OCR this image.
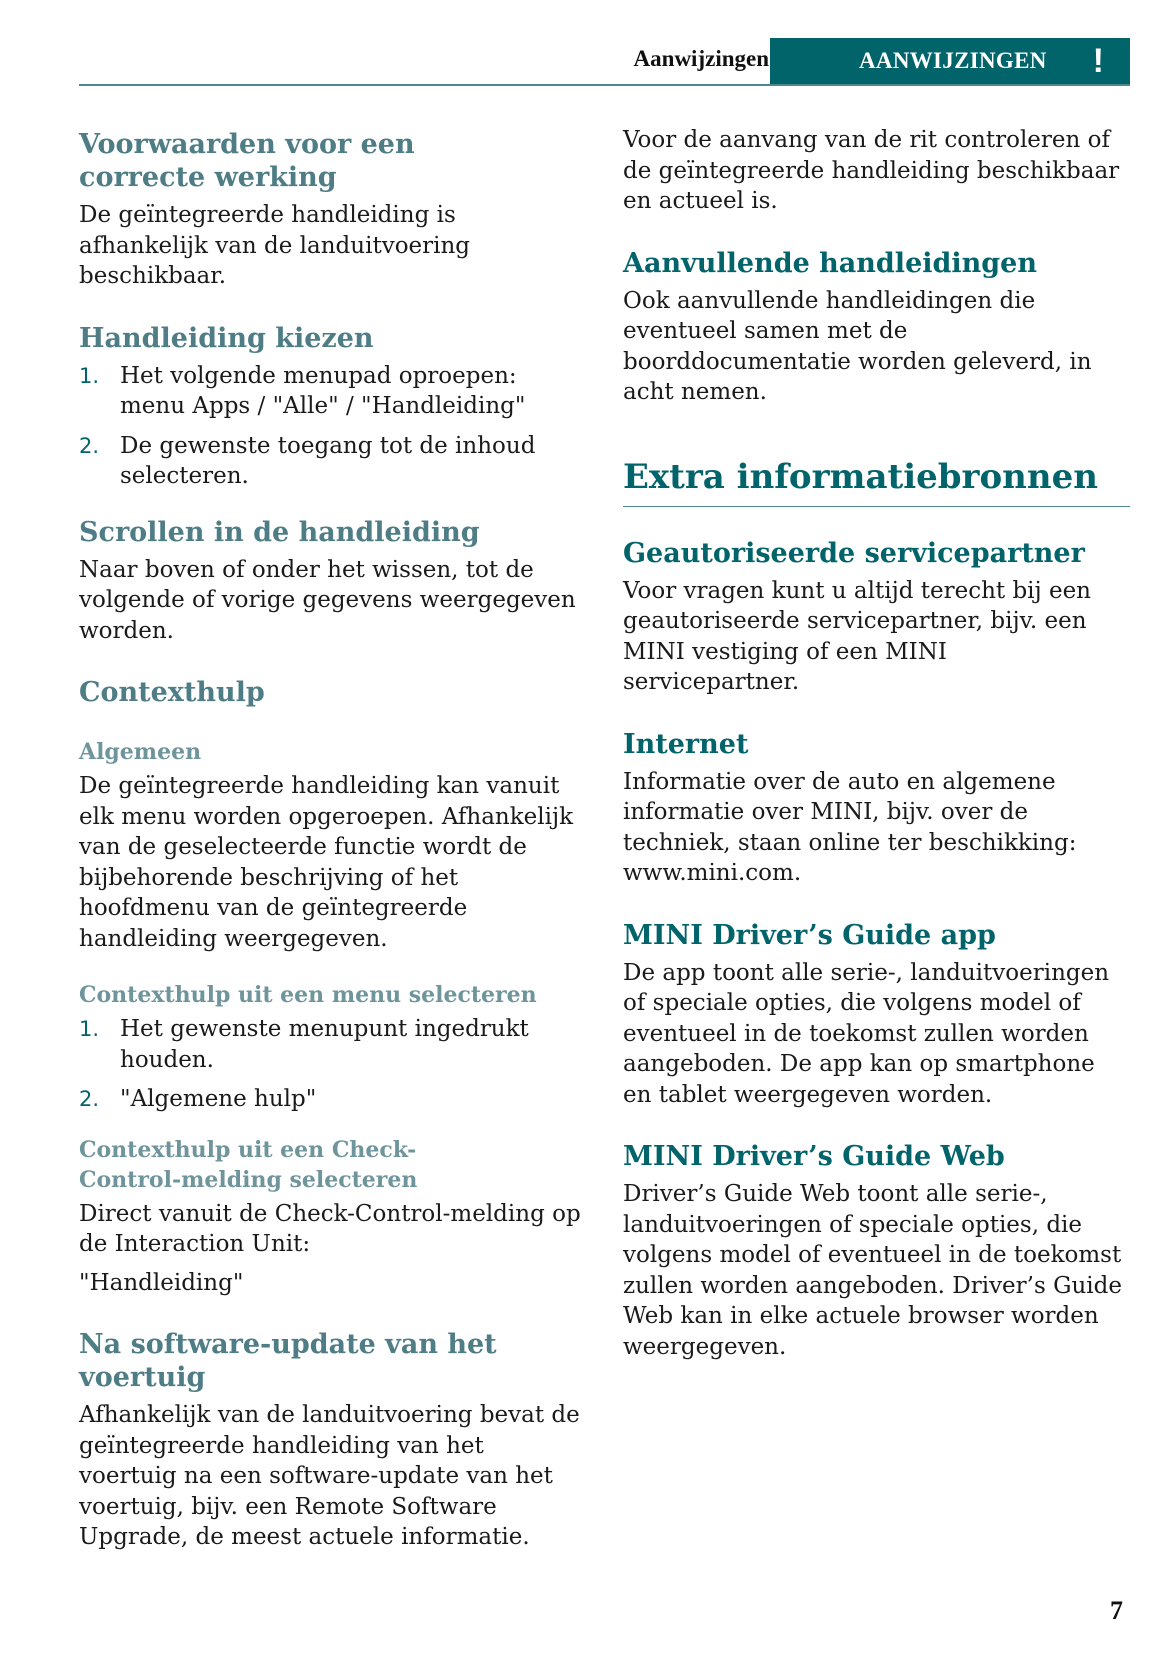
Aanwijzingen	AANWIJZINGEN !
Voorwaarden voor een correcte werking

De geïntegreerde handleiding is afhankelijk van de landuitvoering beschikbaar.

Handleiding kiezen
1. Het volgende menupad oproepen: menu Apps / "Alle" / "Handleiding"
2. De gewenste toegang tot de inhoud selecteren.
Scrollen in de handleiding

Naar boven of onder het wissen, tot de volgende of vorige gegevens weergegeven worden.

Contexthulp
Algemeen

De geïntegreerde handleiding kan vanuit elk menu worden opgeroepen. Afhankelijk van de geselecteerde functie wordt de bijbehorende beschrijving of het hoofdmenu van de geïntegreerde handleiding weergegeven.

Contexthulp uit een menu selecteren
1. Het gewenste menupunt ingedrukt houden.
2. "Algemene hulp"
Contexthulp uit een Check-Control-melding selecteren

Direct vanuit de Check-Control-melding op de Interaction Unit:

"Handleiding"

Na software-update van het voertuig

Afhankelijk van de landuitvoering bevat de geïntegreerde handleiding van het voertuig na een software-update van het voertuig, bijv. een Remote Software Upgrade, de meest actuele informatie.

Voor de aanvang van de rit controleren of de geïntegreerde handleiding beschikbaar en actueel is.

Aanvullende handleidingen

Ook aanvullende handleidingen die eventueel samen met de boorddocumentatie worden geleverd, in acht nemen.

Extra informatiebronnen
Geautoriseerde servicepartner

Voor vragen kunt u altijd terecht bij een geautoriseerde servicepartner, bijv. een MINI vestiging of een MINI servicepartner.

Internet

Informatie over de auto en algemene informatie over MINI, bijv. over de techniek, staan online ter beschikking: www.mini.com.

MINI Driver’s Guide app

De app toont alle serie-, landuitvoeringen of speciale opties, die volgens model of eventueel in de toekomst zullen worden aangeboden. De app kan op smartphone en tablet weergegeven worden.

MINI Driver’s Guide Web

Driver’s Guide Web toont alle serie-, landuitvoeringen of speciale opties, die volgens model of eventueel in de toekomst zullen worden aangeboden. Driver’s Guide Web kan in elke actuele browser worden weergegeven.

7
